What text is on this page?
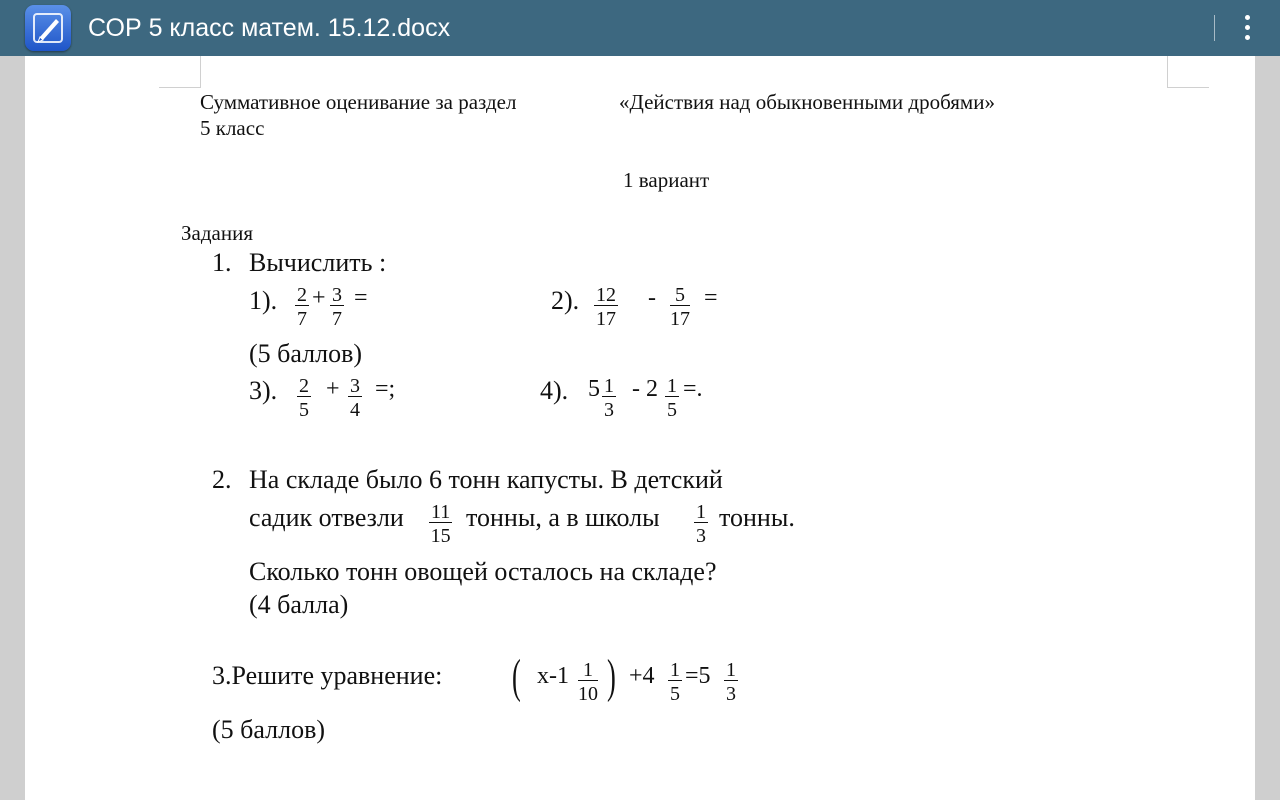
СОР 5 класс матем. 15.12.docx
Суммативное оценивание за раздел	«Действия над обыкновенными дробями»
5 класс
1 вариант
Задания
1. Вычислить :
1). $\frac{2}{7} + \frac{3}{7}$ =	2). $\frac{12}{17} - \frac{5}{17}$ =
(5 баллов)
3). $\frac{2}{5} + \frac{3}{4}$ =;	4). $5 \frac{1}{3} - 2 \frac{1}{5}$ =.
2. На складе было 6 тонн капусты. В детский
садик отвезли $\frac{11}{15}$ тонны, а в школы $\frac{1}{3}$ тонны.
Сколько тонн овощей осталось на складе?
(4 балла)
3.Решите уравнение: ( $x-1 \frac{1}{10}$ ) $+4 \frac{1}{5} =5 \frac{1}{3}$
(5 баллов)
